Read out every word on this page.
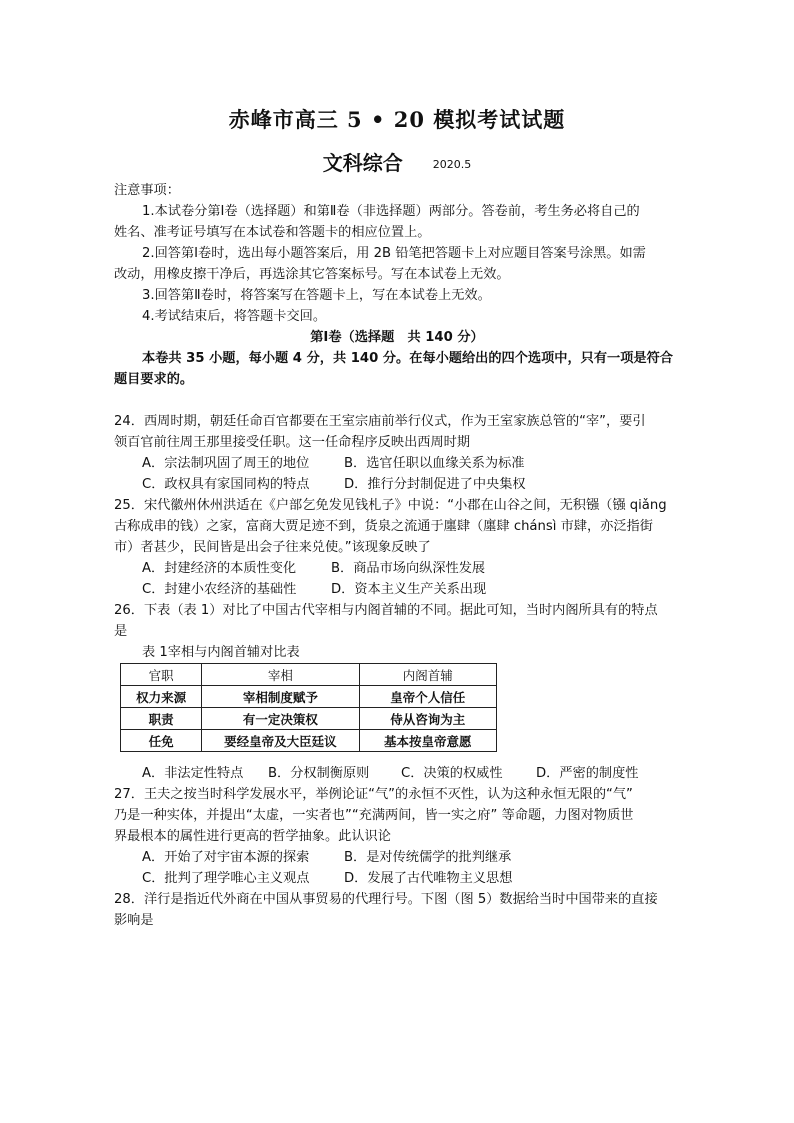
赤峰市高三 5 • 20 模拟考试试题
文科综合	2020.5
注意事项：
1.本试卷分第Ⅰ卷（选择题）和第Ⅱ卷（非选择题）两部分。答卷前，考生务必将自己的
姓名、准考证号填写在本试卷和答题卡的相应位置上。
2.回答第Ⅰ卷时，选出每小题答案后，用 2B 铅笔把答题卡上对应题目答案号涂黑。如需
改动，用橡皮擦干净后，再选涂其它答案标号。写在本试卷上无效。
3.回答第Ⅱ卷时，将答案写在答题卡上，写在本试卷上无效。
4.考试结束后，将答题卡交回。
第Ⅰ卷（选择题　共 140 分）
本卷共 35 小题，每小题 4 分，共 140 分。在每小题给出的四个选项中，只有一项是符合
题目要求的。
24．西周时期，朝廷任命百官都要在王室宗庙前举行仪式，作为王室家族总管的“宰”，要引
领百官前往周王那里接受任职。这一任命程序反映出西周时期
A．宗法制巩固了周王的地位	B．选官任职以血缘关系为标准
C．政权具有家国同构的特点	D．推行分封制促进了中央集权
25．宋代徽州休州洪适在《户部乞免发见钱札子》中说：“小郡在山谷之间，无积镪（镪 qiǎng
古称成串的钱）之家，富商大贾足迹不到，货泉之流通于廛肆（廛肆 chánsì 市肆，亦泛指街
市）者甚少，民间皆是出会子往来兑使。”该现象反映了
A．封建经济的本质性变化	B．商品市场向纵深性发展
C．封建小农经济的基础性	D．资本主义生产关系出现
26．下表（表 1）对比了中国古代宰相与内阁首辅的不同。据此可知，当时内阁所具有的特点
是
表 1宰相与内阁首辅对比表
官职	宰相	内阁首辅
权力来源	宰相制度赋予	皇帝个人信任
职责	有一定决策权	侍从咨询为主
任免	要经皇帝及大臣廷议	基本按皇帝意愿
A．非法定性特点 B．分权制衡原则 C．决策的权威性	D．严密的制度性
27．王夫之按当时科学发展水平，举例论证“气”的永恒不灭性，认为这种永恒无限的“气”
乃是一种实体，并提出“太虚，一实者也”“充满两间，皆一实之府” 等命题，力图对物质世
界最根本的属性进行更高的哲学抽象。此认识论
A．开始了对宇宙本源的探索	B．是对传统儒学的批判继承
C．批判了理学唯心主义观点	D．发展了古代唯物主义思想
28．洋行是指近代外商在中国从事贸易的代理行号。下图（图 5）数据给当时中国带来的直接
影响是
